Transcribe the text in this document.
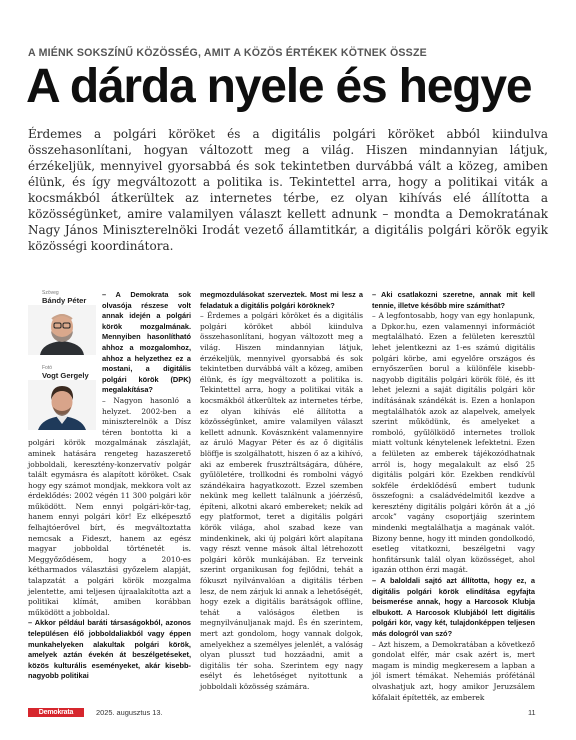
A MIÉNK SOKSZÍNŰ KÖZÖSSÉG, AMIT A KÖZÖS ÉRTÉKEK KÖTNEK ÖSSZE
A dárda nyele és hegye

Érdemes a polgári köröket és a digitális polgári köröket abból kiindulva összehasonlítani, hogyan változott meg a világ. Hiszen mindannyian látjuk, érzékeljük, mennyivel gyorsabbá és sok tekintetben durvábbá vált a közeg, amiben élünk, és így megváltozott a politika is. Tekintettel arra, hogy a politikai viták a kocsmákból átkerültek az internetes térbe, ez olyan kihívás elé állította a közösségünket, amire valamilyen választ kellett adnunk – mondta a Demokratának Nagy János Miniszterelnöki Irodát vezető államtitkár, a digitális polgári körök egyik közösségi koordinátora.

Szöveg
Bándy Péter
Fotó
Vogt Gergely

– A Demokrata sok olvasója részese volt annak idején a polgári körök mozgalmának. Mennyiben hasonlítható ahhoz a mozgalomhoz, ahhoz a helyzethez ez a mostani, a digitális polgári körök (DPK) megalakítása?

– Nagyon hasonló a helyzet. 2002-ben a miniszterelnök a Dísz téren bontotta ki a polgári körök mozgalmának zászlaját, aminek hatására rengeteg hazaszerető jobboldali, keresztény-konzervatív polgár talált egymásra és alapított köröket. Csak hogy egy számot mondjak, mekkora volt az érdeklődés: 2002 végén 11 300 polgári kör működött. Nem ennyi polgári-kör-tag, hanem ennyi polgári kör! Ez elképesztő felhajtóerővel bírt, és megváltoztatta nemcsak a Fideszt, hanem az egész magyar jobboldal történetét is. Meggyőződésem, hogy a 2010-es kétharmados választási győzelem alapját, talapzatát a polgári körök mozgalma jelentette, ami teljesen újraalakította azt a politikai klímát, amiben korábban működött a jobboldal.

– Akkor például baráti társaságokból, azonos településen élő jobboldaliakból vagy éppen munkahelyeken alakultak polgári körök, amelyek aztán évekén át beszélgetéseket, közös kulturális eseményeket, akár kisebb-nagyobb politikai

megmozdulásokat szerveztek. Most mi lesz a feladatuk a digitális polgári köröknek?

– Érdemes a polgári köröket és a digitális polgári köröket abból kiindulva összehasonlítani, hogyan változott meg a világ. Hiszen mindannyian látjuk, érzékeljük, mennyivel gyorsabbá és sok tekintetben durvábbá vált a közeg, amiben élünk, és így megváltozott a politika is. Tekintettel arra, hogy a politikai viták a kocsmákból átkerültek az internetes térbe, ez olyan kihívás elé állította a közösségünket, amire valamilyen választ kellett adnunk. Kovásznként valamennyire az áruló Magyar Péter és az ő digitális blöffje is szolgálhatott, hiszen ő az a kihívó, aki az emberek frusztráltságára, dühére, gyűlöletére, trollkodni és rombolni vágyó szándékaira hagyatkozott. Ezzel szemben nekünk meg kellett találnunk a jóérzésű, építeni, alkotni akaró embereket; nekik ad egy platformot, teret a digitális polgári körök világa, ahol szabad keze van mindenkinek, aki új polgári kört alapítana vagy részt venne mások által létrehozott polgári körök munkájában. Ez terveink szerint organikusan fog fejlődni, tehát a fókuszt nyilvánvalóan a digitális térben lesz, de nem zárjuk ki annak a lehetőségét, hogy ezek a digitális barátságok offline, tehát a valóságos életben is megnyilvánuljanak majd. És én szerintem, mert azt gondolom, hogy vannak dolgok, amelyekhez a személyes jelenlét, a valóság olyan plusszt tud hozzáadni, amit a digitális tér soha. Szerintem egy nagy esélyt és lehetőséget nyitottunk a jobboldali közösség számára.

– Aki csatlakozni szeretne, annak mit kell tennie, illetve később mire számíthat?

– A legfontosabb, hogy van egy honlapunk, a Dpkor.hu, ezen valamennyi információt megtalálható. Ezen a felületen keresztül lehet jelentkezni az 1-es számú digitális polgári körbe, ami egyelőre országos és ernyőszerűen borul a különféle kisebb-nagyobb digitális polgári körök fölé, és itt lehet jelezni a saját digitális polgári kör indításának szándékát is. Ezen a honlapon megtalálhatók azok az alapelvek, amelyek szerint működünk, és amelyeket a romboló, gyűlölködő internetes trollok miatt voltunk kénytelenek lefektetni. Ezen a felületen az emberek tájékozódhatnak arról is, hogy megalakult az első 25 digitális polgári kör. Ezekben rendkívül sokféle érdeklődésű embert tudunk összefogni: a családvédelmitől kezdve a keresztény digitális polgári körön át a „jó arcok” vagány csoportjáig szerintem mindenki megtalálhatja a magának valót. Bizony benne, hogy itt minden gondolkodó, esetleg vitatkozni, beszélgetni vagy honfitársunk talál olyan közösséget, ahol igazán otthon érzi magát.

– A baloldali sajtó azt állította, hogy ez, a digitális polgári körök elindítása egyfajta beismerése annak, hogy a Harcosok Klubja elbukott. A Harcosok Klubjából lett digitális polgári kör, vagy két, tulajdonképpen teljesen más dologról van szó?

– Azt hiszem, a Demokratában a következő gondolat elfér, már csak azért is, mert magam is mindig megkeresem a lapban a jól ismert témákat. Nehemiás prófétánál olvashatjuk azt, hogy amikor Jeruzsálem kőfalait építették, az emberek

Demokrata	2025. augusztus 13.	11
